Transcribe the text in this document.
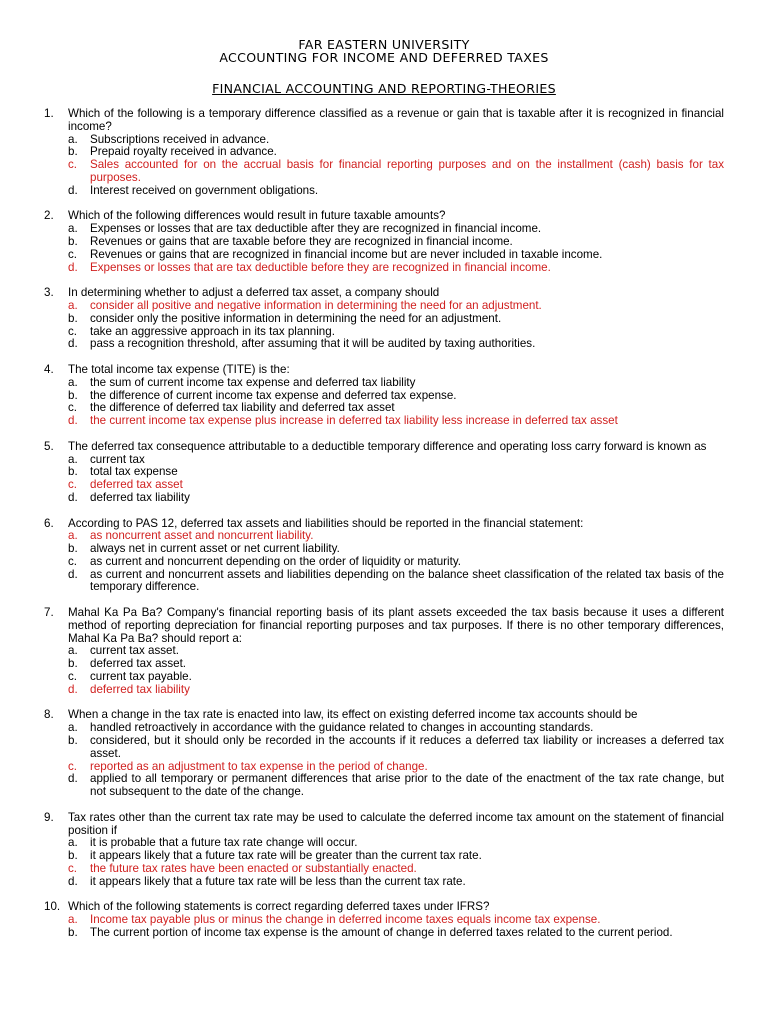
FAR EASTERN UNIVERSITY
ACCOUNTING FOR INCOME AND DEFERRED TAXES
FINANCIAL ACCOUNTING AND REPORTING-THEORIES
1.	Which of the following is a temporary difference classified as a revenue or gain that is taxable after it is recognized in financial income?
a.	Subscriptions received in advance.
b.	Prepaid royalty received in advance.
c.	Sales accounted for on the accrual basis for financial reporting purposes and on the installment (cash) basis for tax purposes.
d.	Interest received on government obligations.
2.	Which of the following differences would result in future taxable amounts?
a.	Expenses or losses that are tax deductible after they are recognized in financial income.
b.	Revenues or gains that are taxable before they are recognized in financial income.
c.	Revenues or gains that are recognized in financial income but are never included in taxable income.
d.	Expenses or losses that are tax deductible before they are recognized in financial income.
3.	In determining whether to adjust a deferred tax asset, a company should
a.	consider all positive and negative information in determining the need for an adjustment.
b.	consider only the positive information in determining the need for an adjustment.
c.	take an aggressive approach in its tax planning.
d.	pass a recognition threshold, after assuming that it will be audited by taxing authorities.
4.	The total income tax expense (TITE) is the:
a.	the sum of current income tax expense and deferred tax liability
b.	the difference of current income tax expense and deferred tax expense.
c.	the difference of deferred tax liability and deferred tax asset
d.	the current income tax expense plus increase in deferred tax liability less increase in deferred tax asset
5.	The deferred tax consequence attributable to a deductible temporary difference and operating loss carry forward is known as
a.	current tax
b.	total tax expense
c.	deferred tax asset
d.	deferred tax liability
6.	According to PAS 12, deferred tax assets and liabilities should be reported in the financial statement:
a.	as noncurrent asset and noncurrent liability.
b.	always net in current asset or net current liability.
c.	as current and noncurrent depending on the order of liquidity or maturity.
d.	as current and noncurrent assets and liabilities depending on the balance sheet classification of the related tax basis of the temporary difference.
7.	Mahal Ka Pa Ba? Company's financial reporting basis of its plant assets exceeded the tax basis because it uses a different method of reporting depreciation for financial reporting purposes and tax purposes. If there is no other temporary differences, Mahal Ka Pa Ba? should report a:
a.	current tax asset.
b.	deferred tax asset.
c.	current tax payable.
d.	deferred tax liability
8.	When a change in the tax rate is enacted into law, its effect on existing deferred income tax accounts should be
a.	handled retroactively in accordance with the guidance related to changes in accounting standards.
b.	considered, but it should only be recorded in the accounts if it reduces a deferred tax liability or increases a deferred tax asset.
c.	reported as an adjustment to tax expense in the period of change.
d.	applied to all temporary or permanent differences that arise prior to the date of the enactment of the tax rate change, but not subsequent to the date of the change.
9.	Tax rates other than the current tax rate may be used to calculate the deferred income tax amount on the statement of financial position if
a.	it is probable that a future tax rate change will occur.
b.	it appears likely that a future tax rate will be greater than the current tax rate.
c.	the future tax rates have been enacted or substantially enacted.
d.	it appears likely that a future tax rate will be less than the current tax rate.
10. Which of the following statements is correct regarding deferred taxes under IFRS?
a.	Income tax payable plus or minus the change in deferred income taxes equals income tax expense.
b.	The current portion of income tax expense is the amount of change in deferred taxes related to the current period.
